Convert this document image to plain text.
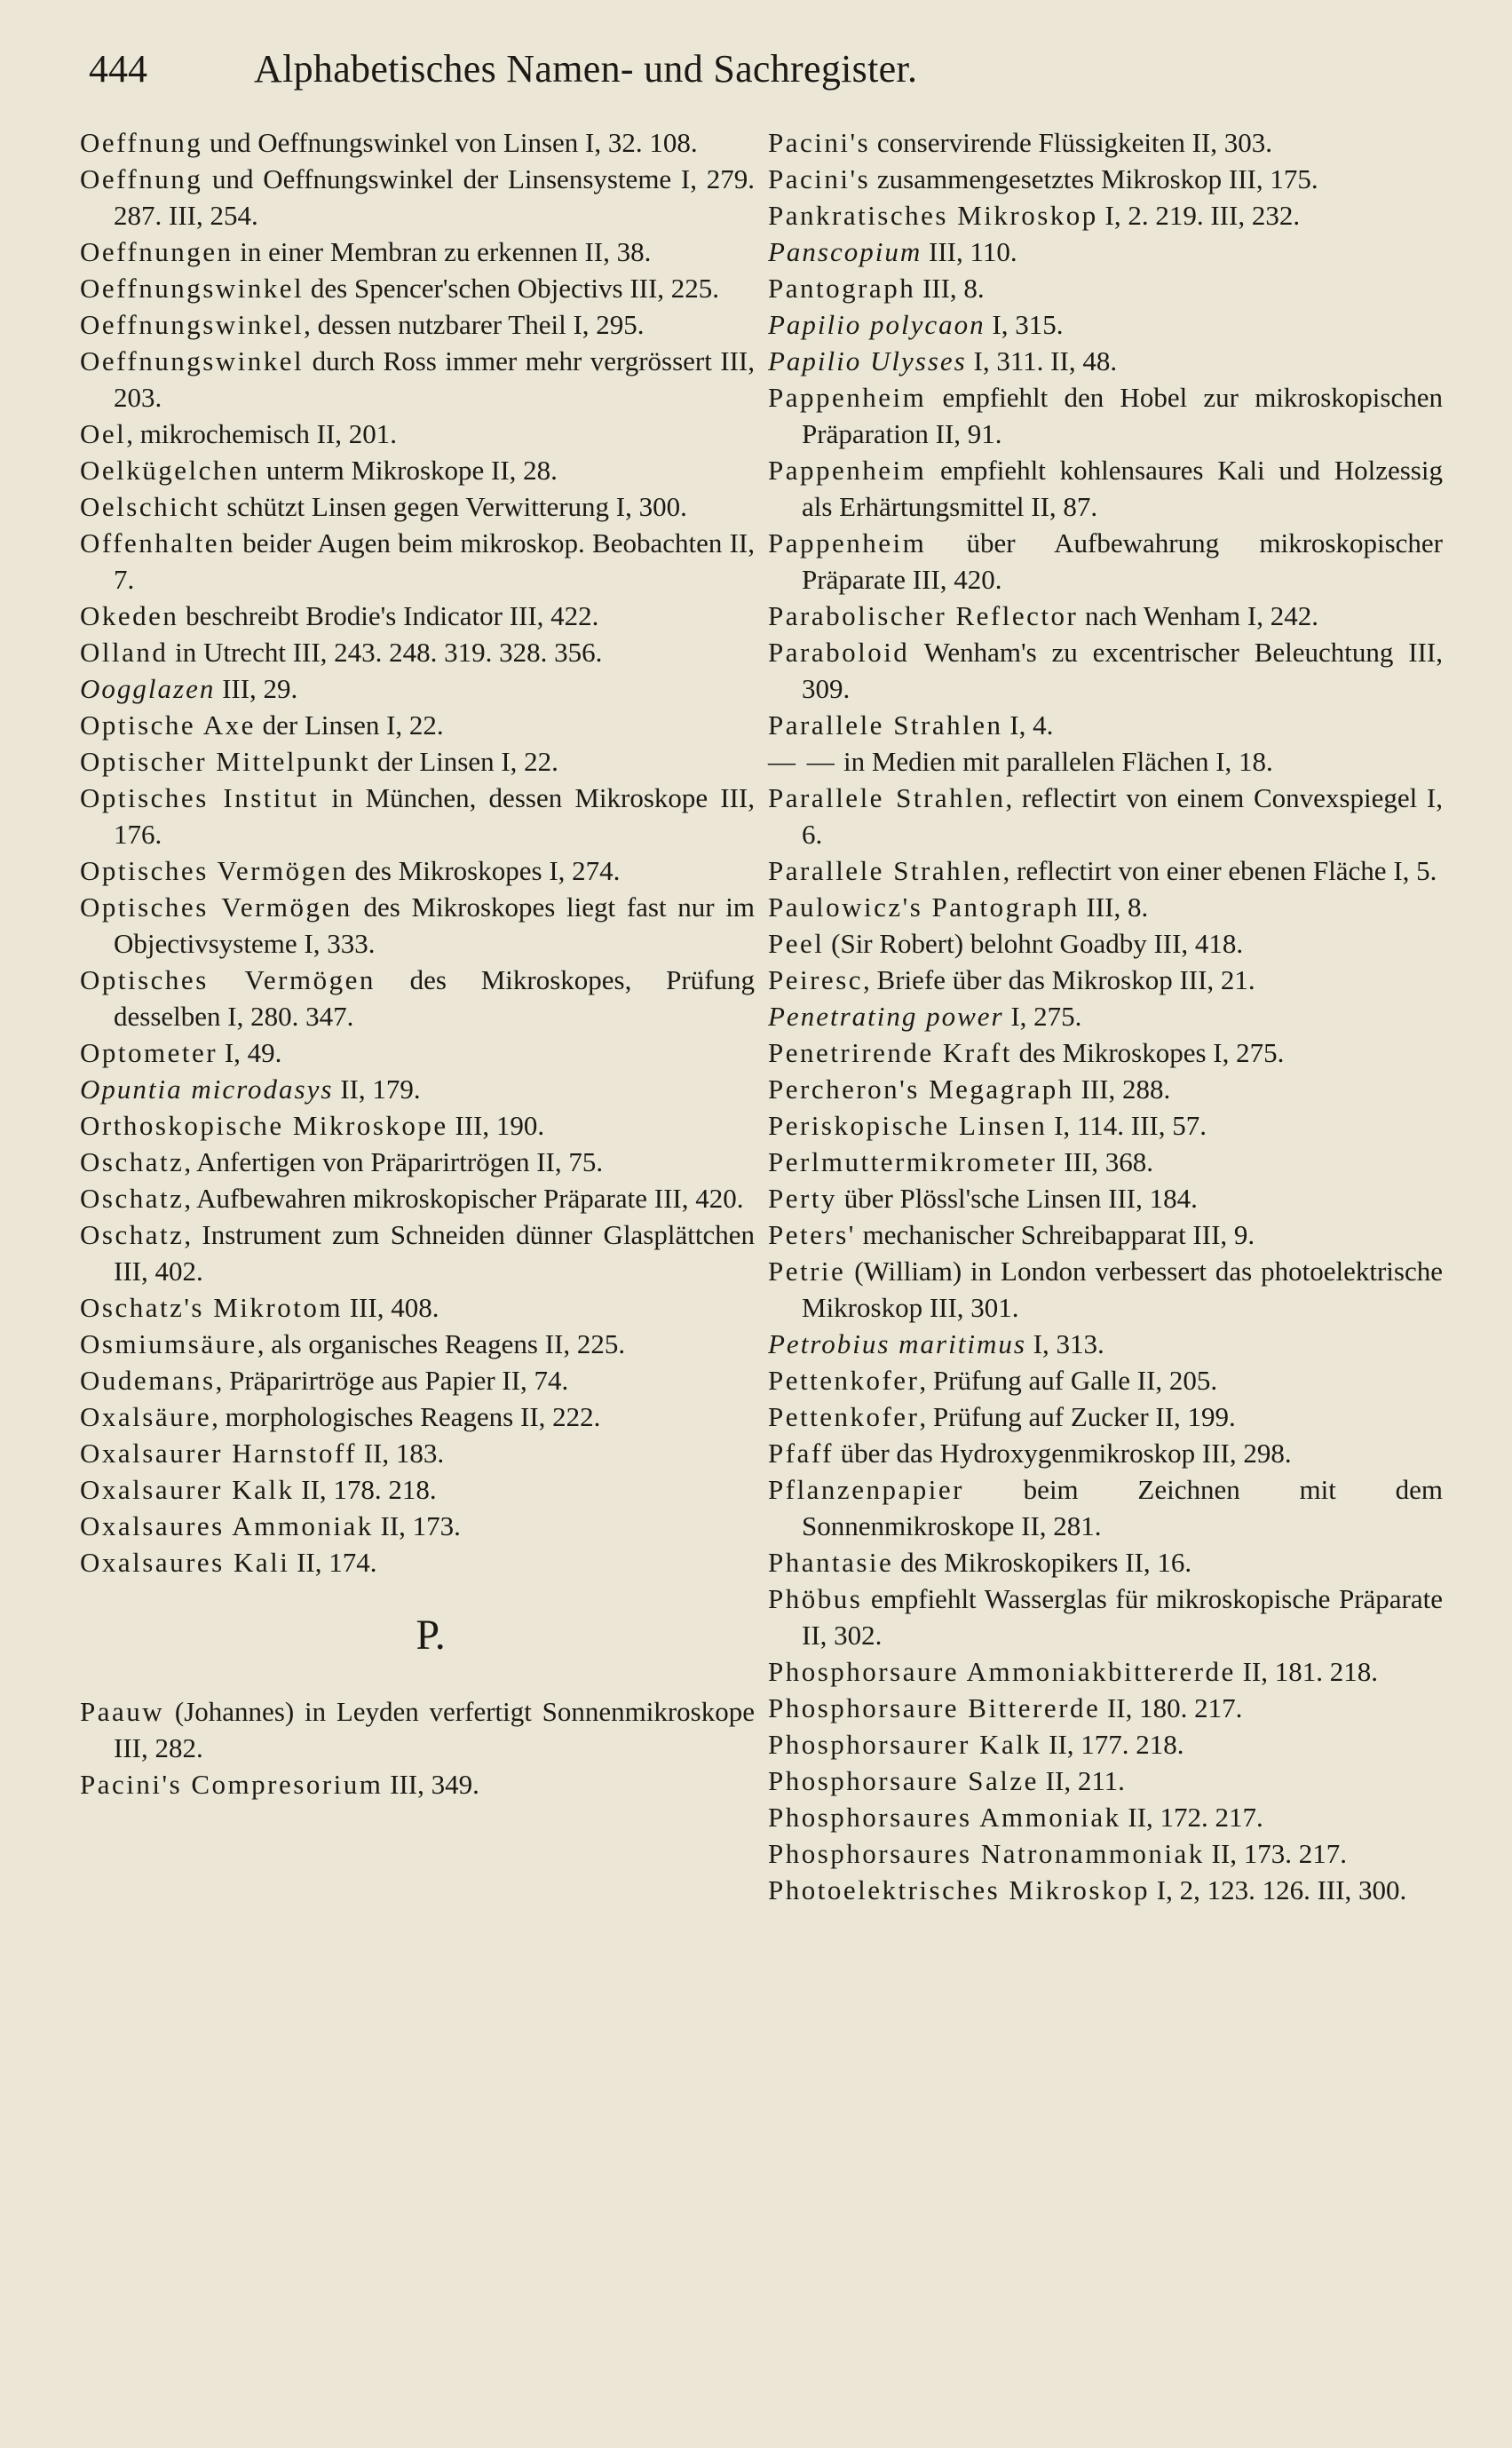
444	Alphabetisches Namen- und Sachregister.

Oeffnung und Oeffnungswinkel von Linsen I, 32. 108.

Oeffnung und Oeffnungswinkel der Linsensysteme I, 279. 287. III, 254.

Oeffnungen in einer Membran zu erkennen II, 38.

Oeffnungswinkel des Spencer'schen Objectivs III, 225.

Oeffnungswinkel, dessen nutzbarer Theil I, 295.

Oeffnungswinkel durch Ross immer mehr vergrössert III, 203.

Oel, mikrochemisch II, 201.

Oelkügelchen unterm Mikroskope II, 28.

Oelschicht schützt Linsen gegen Verwitterung I, 300.

Offenhalten beider Augen beim mikroskop. Beobachten II, 7.

Okeden beschreibt Brodie's Indicator III, 422.

Olland in Utrecht III, 243. 248. 319. 328. 356.

Oogglazen III, 29.

Optische Axe der Linsen I, 22.

Optischer Mittelpunkt der Linsen I, 22.

Optisches Institut in München, dessen Mikroskope III, 176.

Optisches Vermögen des Mikroskopes I, 274.

Optisches Vermögen des Mikroskopes liegt fast nur im Objectivsysteme I, 333.

Optisches Vermögen des Mikroskopes, Prüfung desselben I, 280. 347.

Optometer I, 49.

Opuntia microdasys II, 179.

Orthoskopische Mikroskope III, 190.

Oschatz, Anfertigen von Präparirtrögen II, 75.

Oschatz, Aufbewahren mikroskopischer Präparate III, 420.

Oschatz, Instrument zum Schneiden dünner Glasplättchen III, 402.

Oschatz's Mikrotom III, 408.

Osmiumsäure, als organisches Reagens II, 225.

Oudemans, Präparirtröge aus Papier II, 74.

Oxalsäure, morphologisches Reagens II, 222.

Oxalsaurer Harnstoff II, 183.

Oxalsaurer Kalk II, 178. 218.

Oxalsaures Ammoniak II, 173.

Oxalsaures Kali II, 174.

P.

Paauw (Johannes) in Leyden verfertigt Sonnenmikroskope III, 282.

Pacini's Compresorium III, 349.

Pacini's conservirende Flüssigkeiten II, 303.

Pacini's zusammengesetztes Mikroskop III, 175.

Pankratisches Mikroskop I, 2. 219. III, 232.

Panscopium III, 110.

Pantograph III, 8.

Papilio polycaon I, 315.

Papilio Ulysses I, 311. II, 48.

Pappenheim empfiehlt den Hobel zur mikroskopischen Präparation II, 91.

Pappenheim empfiehlt kohlensaures Kali und Holzessig als Erhärtungsmittel II, 87.

Pappenheim über Aufbewahrung mikroskopischer Präparate III, 420.

Parabolischer Reflector nach Wenham I, 242.

Paraboloid Wenham's zu excentrischer Beleuchtung III, 309.

Parallele Strahlen I, 4.

— — in Medien mit parallelen Flächen I, 18.

Parallele Strahlen, reflectirt von einem Convexspiegel I, 6.

Parallele Strahlen, reflectirt von einer ebenen Fläche I, 5.

Paulowicz's Pantograph III, 8.

Peel (Sir Robert) belohnt Goadby III, 418.

Peiresc, Briefe über das Mikroskop III, 21.

Penetrating power I, 275.

Penetrirende Kraft des Mikroskopes I, 275.

Percheron's Megagraph III, 288.

Periskopische Linsen I, 114. III, 57.

Perlmuttermikrometer III, 368.

Perty über Plössl'sche Linsen III, 184.

Peters' mechanischer Schreibapparat III, 9.

Petrie (William) in London verbessert das photoelektrische Mikroskop III, 301.

Petrobius maritimus I, 313.

Pettenkofer, Prüfung auf Galle II, 205.

Pettenkofer, Prüfung auf Zucker II, 199.

Pfaff über das Hydroxygenmikroskop III, 298.

Pflanzenpapier beim Zeichnen mit dem Sonnenmikroskope II, 281.

Phantasie des Mikroskopikers II, 16.

Phöbus empfiehlt Wasserglas für mikroskopische Präparate II, 302.

Phosphorsaure Ammoniakbittererde II, 181. 218.

Phosphorsaure Bittererde II, 180. 217.

Phosphorsaurer Kalk II, 177. 218.

Phosphorsaure Salze II, 211.

Phosphorsaures Ammoniak II, 172. 217.

Phosphorsaures Natronammoniak II, 173. 217.

Photoelektrisches Mikroskop I, 2, 123. 126. III, 300.
